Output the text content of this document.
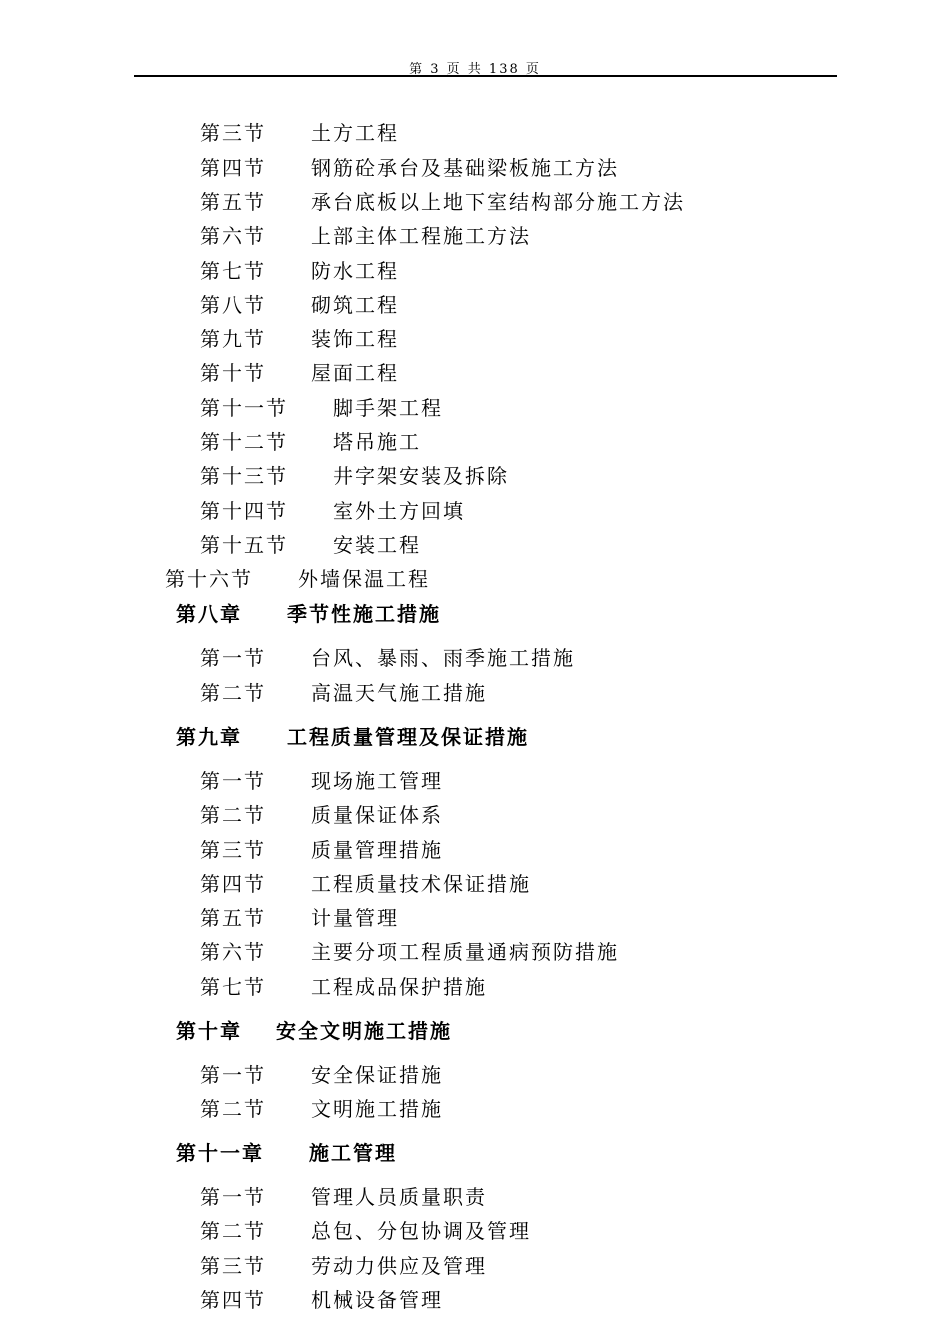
第 3 页 共 138 页
第三节 土方工程
第四节 钢筋砼承台及基础梁板施工方法
第五节 承台底板以上地下室结构部分施工方法
第六节 上部主体工程施工方法
第七节 防水工程
第八节 砌筑工程
第九节 装饰工程
第十节 屋面工程
第十一节 脚手架工程
第十二节 塔吊施工
第十三节 井字架安装及拆除
第十四节 室外土方回填
第十五节 安装工程
第十六节 外墙保温工程
第八章 季节性施工措施
第一节 台风、暴雨、雨季施工措施
第二节 高温天气施工措施
第九章 工程质量管理及保证措施
第一节 现场施工管理
第二节 质量保证体系
第三节 质量管理措施
第四节 工程质量技术保证措施
第五节 计量管理
第六节 主要分项工程质量通病预防措施
第七节 工程成品保护措施
第十章 安全文明施工措施
第一节 安全保证措施
第二节 文明施工措施
第十一章 施工管理
第一节 管理人员质量职责
第二节 总包、分包协调及管理
第三节 劳动力供应及管理
第四节 机械设备管理
